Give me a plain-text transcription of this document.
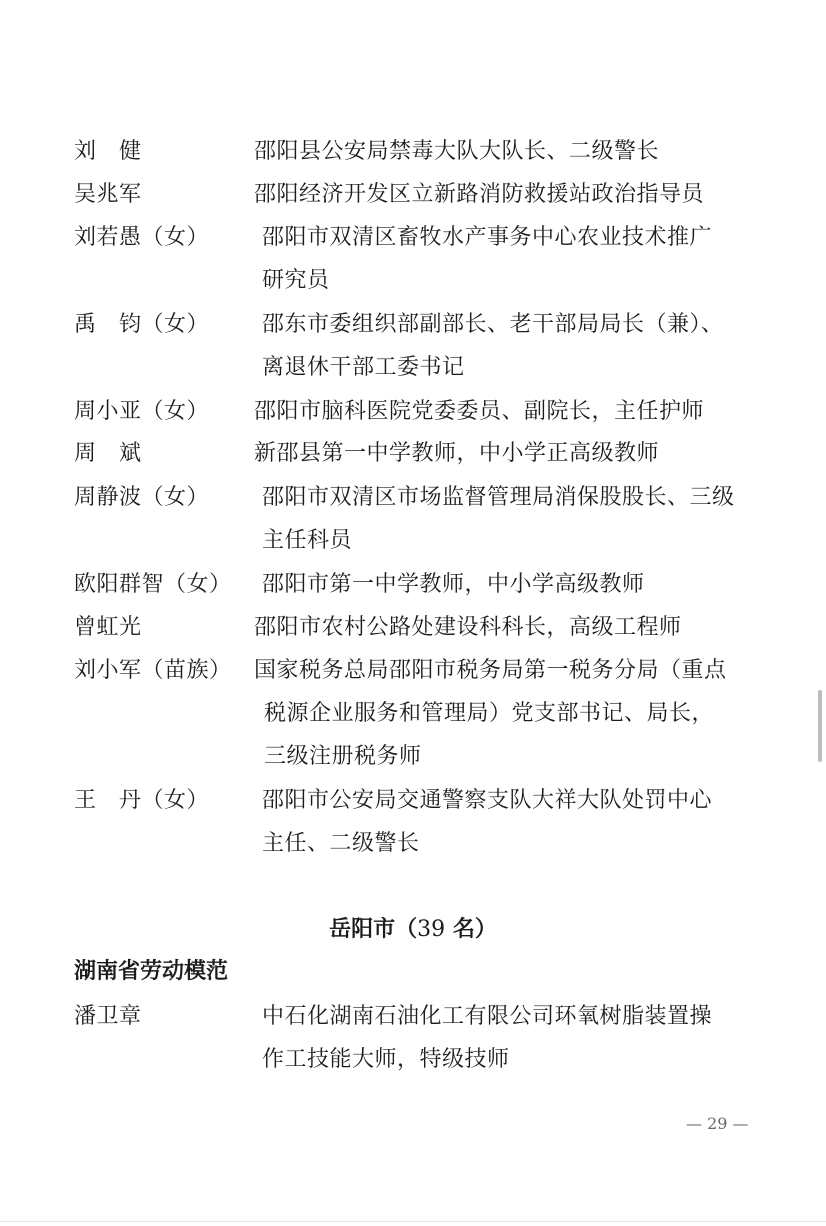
刘　健	邵阳县公安局禁毒大队大队长、二级警长
吴兆军	邵阳经济开发区立新路消防救援站政治指导员
刘若愚（女） 邵阳市双清区畜牧水产事务中心农业技术推广
研究员
禹　钧（女） 邵东市委组织部副部长、老干部局局长（兼）、
离退休干部工委书记
周小亚（女） 邵阳市脑科医院党委委员、副院长，主任护师
周　斌	新邵县第一中学教师，中小学正高级教师
周静波（女） 邵阳市双清区市场监督管理局消保股股长、三级
主任科员
欧阳群智（女） 邵阳市第一中学教师，中小学高级教师
曾虹光	邵阳市农村公路处建设科科长，高级工程师
刘小军（苗族） 国家税务总局邵阳市税务局第一税务分局（重点
税源企业服务和管理局）党支部书记、局长，
三级注册税务师
王　丹（女） 邵阳市公安局交通警察支队大祥大队处罚中心
主任、二级警长
岳阳市（39 名）
湖南省劳动模范
潘卫章	中石化湖南石油化工有限公司环氧树脂装置操
作工技能大师，特级技师
— 29 —
